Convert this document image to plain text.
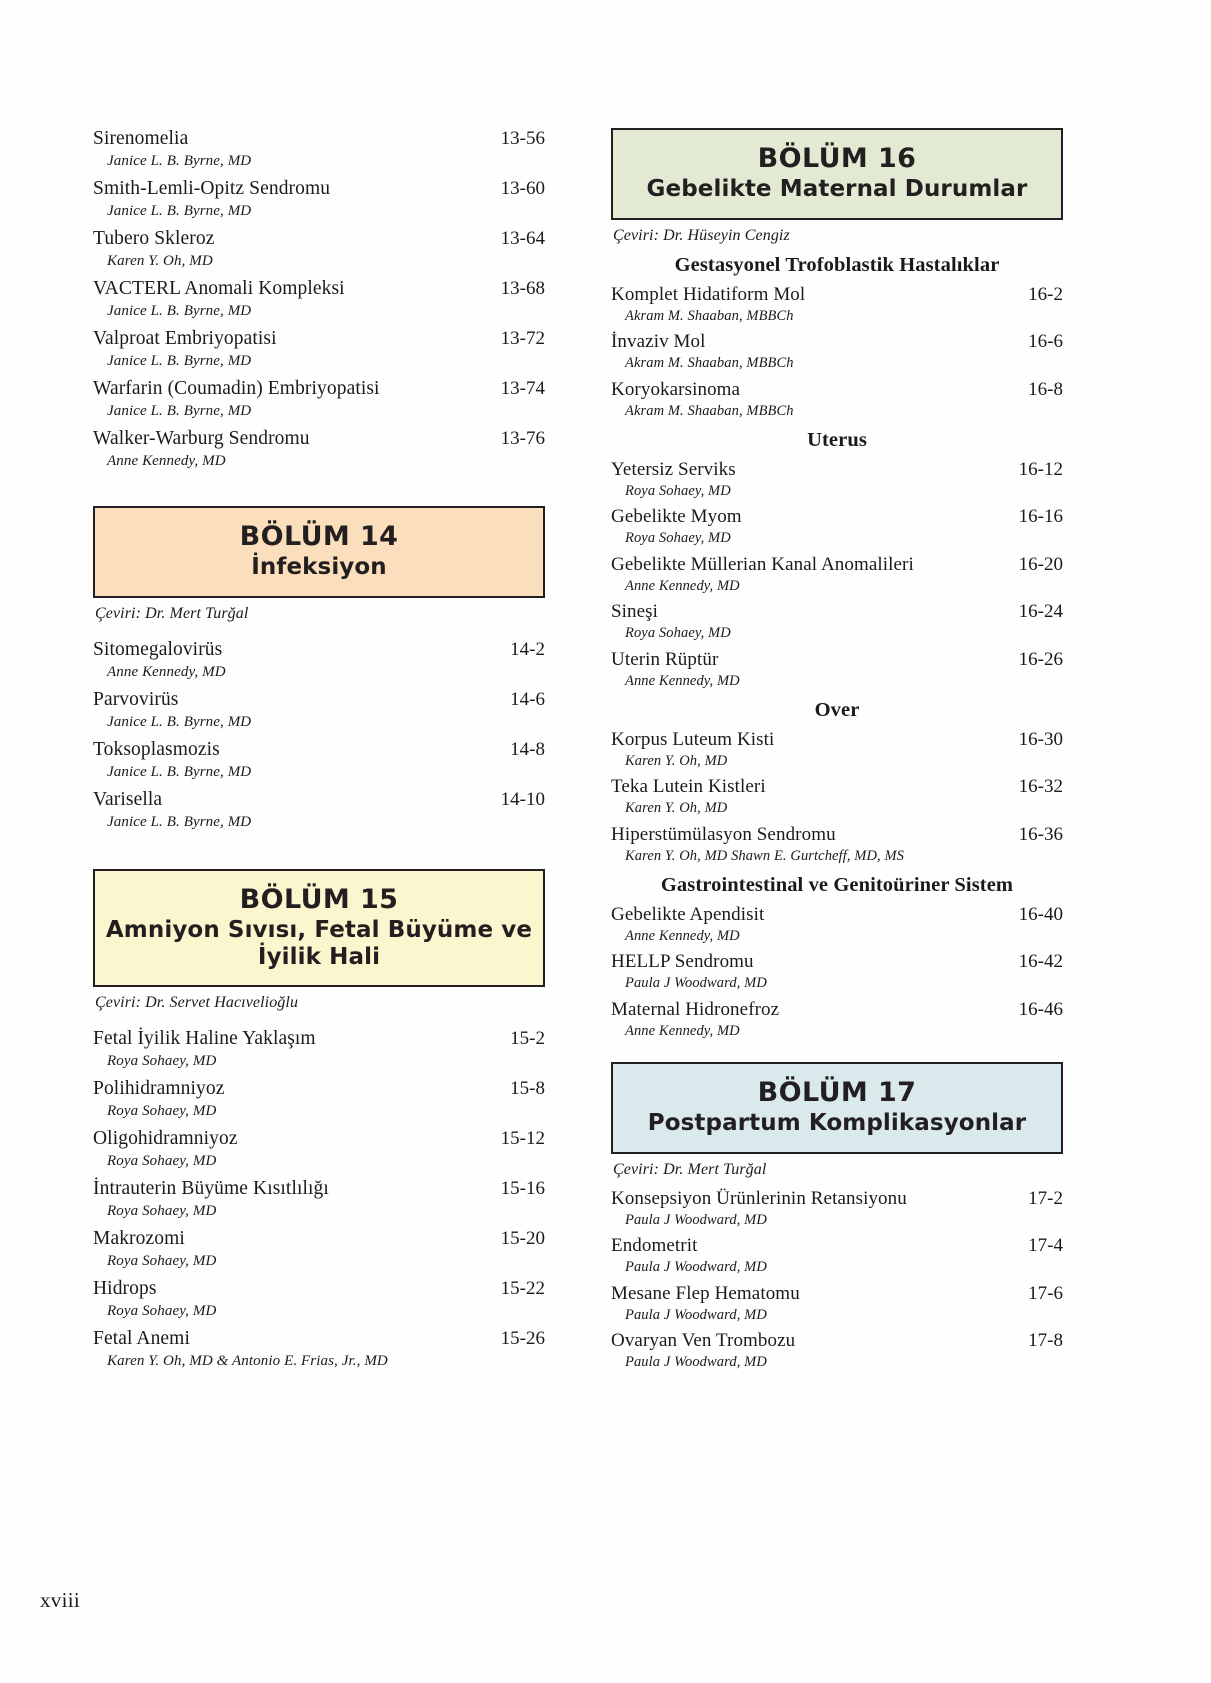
Sirenomelia	13-56
Janice L. B. Byrne, MD
Smith-Lemli-Opitz Sendromu	13-60
Janice L. B. Byrne, MD
Tubero Skleroz	13-64
Karen Y. Oh, MD
VACTERL Anomali Kompleksi	13-68
Janice L. B. Byrne, MD
Valproat Embriyopatisi	13-72
Janice L. B. Byrne, MD
Warfarin (Coumadin) Embriyopatisi	13-74
Janice L. B. Byrne, MD
Walker-Warburg Sendromu	13-76
Anne Kennedy, MD
BÖLÜM 14
İnfeksiyon
Çeviri: Dr. Mert Turğal
Sitomegalovirüs	14-2
Anne Kennedy, MD
Parvovirüs	14-6
Janice L. B. Byrne, MD
Toksoplasmozis	14-8
Janice L. B. Byrne, MD
Varisella	14-10
Janice L. B. Byrne, MD
BÖLÜM 15
Amniyon Sıvısı, Fetal Büyüme ve İyilik Hali
Çeviri: Dr. Servet Hacıvelioğlu
Fetal İyilik Haline Yaklaşım	15-2
Roya Sohaey, MD
Polihidramniyoz	15-8
Roya Sohaey, MD
Oligohidramniyoz	15-12
Roya Sohaey, MD
İntrauterin Büyüme Kısıtlılığı	15-16
Roya Sohaey, MD
Makrozomi	15-20
Roya Sohaey, MD
Hidrops	15-22
Roya Sohaey, MD
Fetal Anemi	15-26
Karen Y. Oh, MD & Antonio E. Frias, Jr., MD
BÖLÜM 16
Gebelikte Maternal Durumlar
Çeviri: Dr. Hüseyin Cengiz
Gestasyonel Trofoblastik Hastalıklar
Komplet Hidatiform Mol	16-2
Akram M. Shaaban, MBBCh
İnvaziv Mol	16-6
Akram M. Shaaban, MBBCh
Koryokarsinoma	16-8
Akram M. Shaaban, MBBCh
Uterus
Yetersiz Serviks	16-12
Roya Sohaey, MD
Gebelikte Myom	16-16
Roya Sohaey, MD
Gebelikte Müllerian Kanal Anomalileri	16-20
Anne Kennedy, MD
Sineşi	16-24
Roya Sohaey, MD
Uterin Rüptür	16-26
Anne Kennedy, MD
Over
Korpus Luteum Kisti	16-30
Karen Y. Oh, MD
Teka Lutein Kistleri	16-32
Karen Y. Oh, MD
Hiperstümülasyon Sendromu	16-36
Karen Y. Oh, MD Shawn E. Gurtcheff, MD, MS
Gastrointestinal ve Genitoüriner Sistem
Gebelikte Apendisit	16-40
Anne Kennedy, MD
HELLP Sendromu	16-42
Paula J Woodward, MD
Maternal Hidronefroz	16-46
Anne Kennedy, MD
BÖLÜM 17
Postpartum Komplikasyonlar
Çeviri: Dr. Mert Turğal
Konsepsiyon Ürünlerinin Retansiyonu	17-2
Paula J Woodward, MD
Endometrit	17-4
Paula J Woodward, MD
Mesane Flep Hematomu	17-6
Paula J Woodward, MD
Ovaryan Ven Trombozu	17-8
Paula J Woodward, MD
xviii
